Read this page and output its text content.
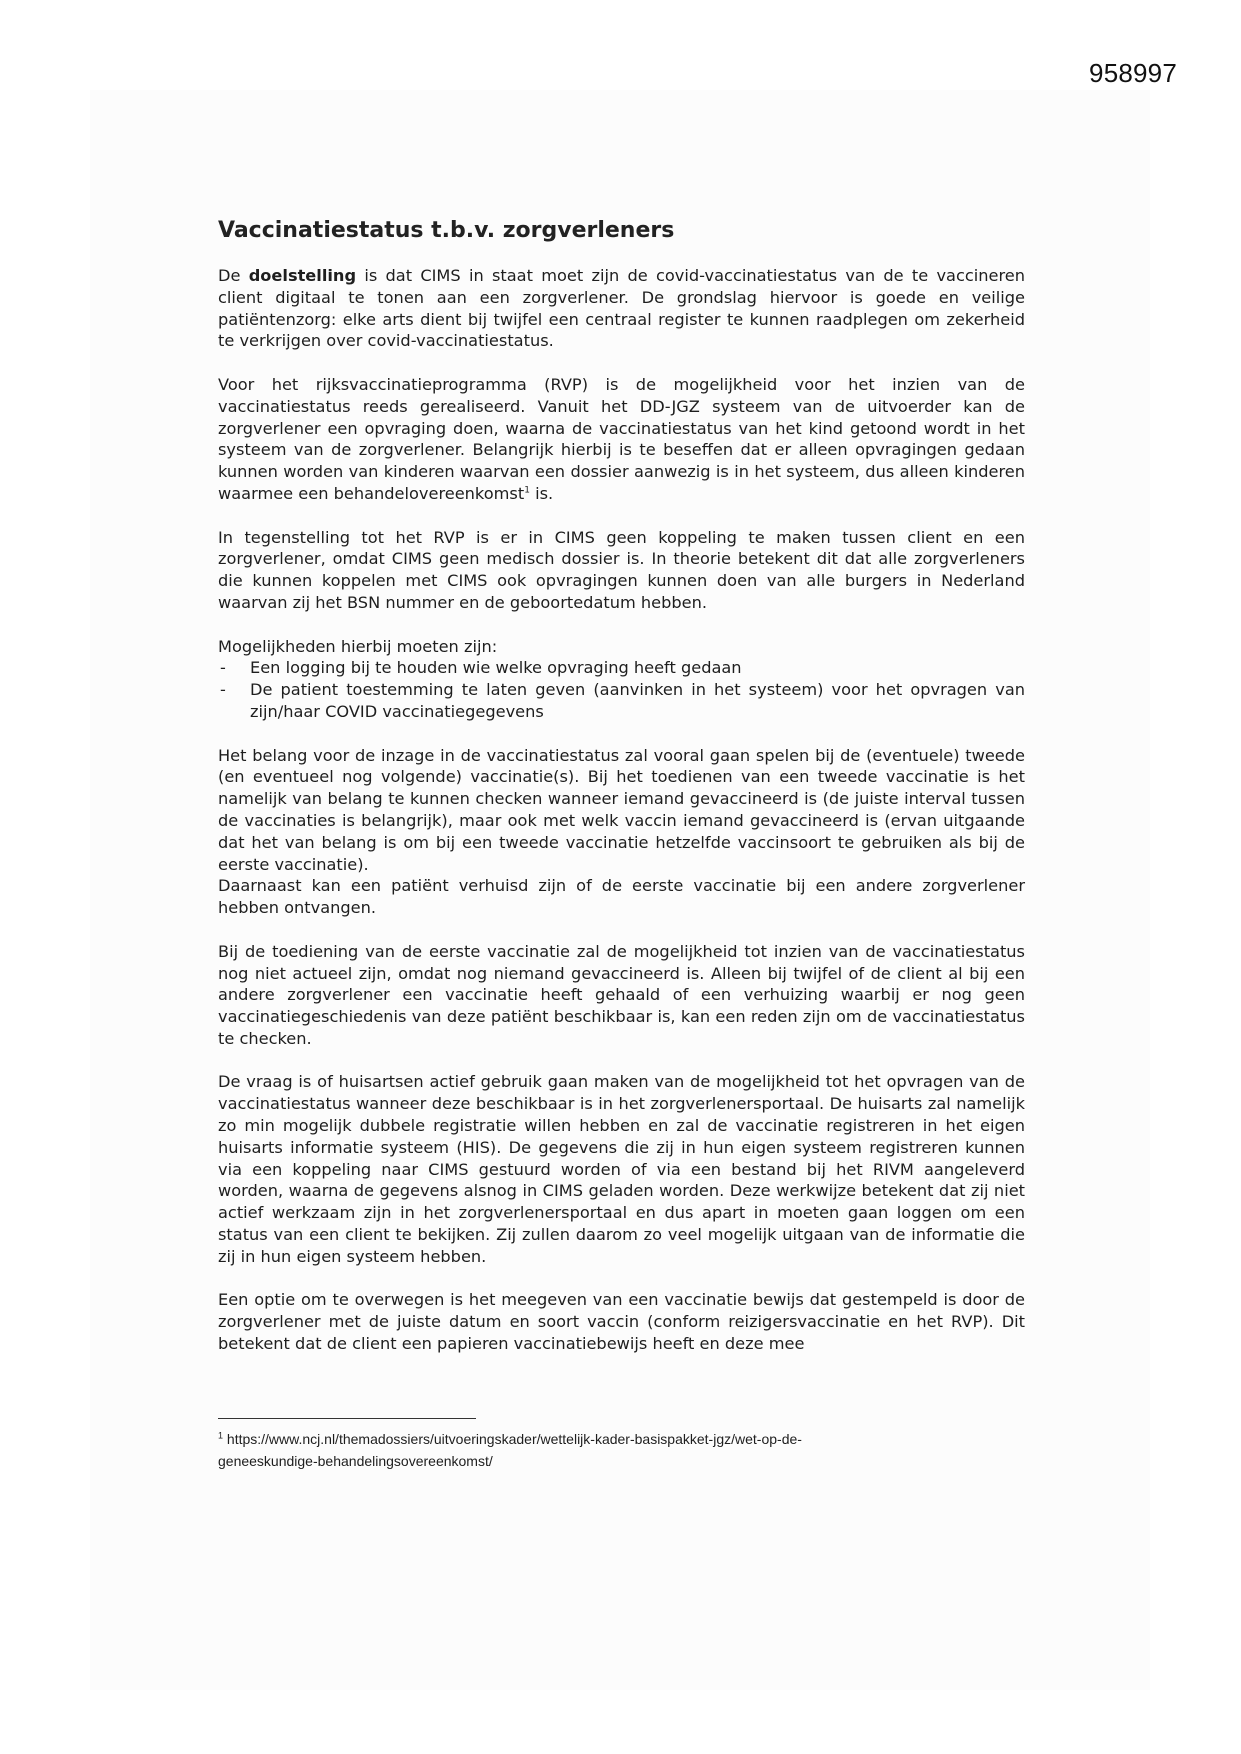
958997
Vaccinatiestatus t.b.v. zorgverleners

De doelstelling is dat CIMS in staat moet zijn de covid-vaccinatiestatus van de te vaccineren client digitaal te tonen aan een zorgverlener. De grondslag hiervoor is goede en veilige patiëntenzorg: elke arts dient bij twijfel een centraal register te kunnen raadplegen om zekerheid te verkrijgen over covid-vaccinatiestatus.

Voor het rijksvaccinatieprogramma (RVP) is de mogelijkheid voor het inzien van de vaccinatiestatus reeds gerealiseerd. Vanuit het DD-JGZ systeem van de uitvoerder kan de zorgverlener een opvraging doen, waarna de vaccinatiestatus van het kind getoond wordt in het systeem van de zorgverlener. Belangrijk hierbij is te beseffen dat er alleen opvragingen gedaan kunnen worden van kinderen waarvan een dossier aanwezig is in het systeem, dus alleen kinderen waarmee een behandelovereenkomst$^1$ is.

In tegenstelling tot het RVP is er in CIMS geen koppeling te maken tussen client en een zorgverlener, omdat CIMS geen medisch dossier is. In theorie betekent dit dat alle zorgverleners die kunnen koppelen met CIMS ook opvragingen kunnen doen van alle burgers in Nederland waarvan zij het BSN nummer en de geboortedatum hebben.

Mogelijkheden hierbij moeten zijn:

- Een logging bij te houden wie welke opvraging heeft gedaan
- De patient toestemming te laten geven (aanvinken in het systeem) voor het opvragen van zijn/haar COVID vaccinatiegegevens

Het belang voor de inzage in de vaccinatiestatus zal vooral gaan spelen bij de (eventuele) tweede (en eventueel nog volgende) vaccinatie(s). Bij het toedienen van een tweede vaccinatie is het namelijk van belang te kunnen checken wanneer iemand gevaccineerd is (de juiste interval tussen de vaccinaties is belangrijk), maar ook met welk vaccin iemand gevaccineerd is (ervan uitgaande dat het van belang is om bij een tweede vaccinatie hetzelfde vaccinsoort te gebruiken als bij de eerste vaccinatie).

Daarnaast kan een patiënt verhuisd zijn of de eerste vaccinatie bij een andere zorgverlener hebben ontvangen.

Bij de toediening van de eerste vaccinatie zal de mogelijkheid tot inzien van de vaccinatiestatus nog niet actueel zijn, omdat nog niemand gevaccineerd is. Alleen bij twijfel of de client al bij een andere zorgverlener een vaccinatie heeft gehaald of een verhuizing waarbij er nog geen vaccinatiegeschiedenis van deze patiënt beschikbaar is, kan een reden zijn om de vaccinatiestatus te checken.

De vraag is of huisartsen actief gebruik gaan maken van de mogelijkheid tot het opvragen van de vaccinatiestatus wanneer deze beschikbaar is in het zorgverlenersportaal. De huisarts zal namelijk zo min mogelijk dubbele registratie willen hebben en zal de vaccinatie registreren in het eigen huisarts informatie systeem (HIS). De gegevens die zij in hun eigen systeem registreren kunnen via een koppeling naar CIMS gestuurd worden of via een bestand bij het RIVM aangeleverd worden, waarna de gegevens alsnog in CIMS geladen worden. Deze werkwijze betekent dat zij niet actief werkzaam zijn in het zorgverlenersportaal en dus apart in moeten gaan loggen om een status van een client te bekijken. Zij zullen daarom zo veel mogelijk uitgaan van de informatie die zij in hun eigen systeem hebben.

Een optie om te overwegen is het meegeven van een vaccinatie bewijs dat gestempeld is door de zorgverlener met de juiste datum en soort vaccin (conform reizigersvaccinatie en het RVP). Dit betekent dat de client een papieren vaccinatiebewijs heeft en deze mee

$^1$ https://www.ncj.nl/themadossiers/uitvoeringskader/wettelijk-kader-basispakket-jgz/wet-op-de-
geneeskundige-behandelingsovereenkomst/
